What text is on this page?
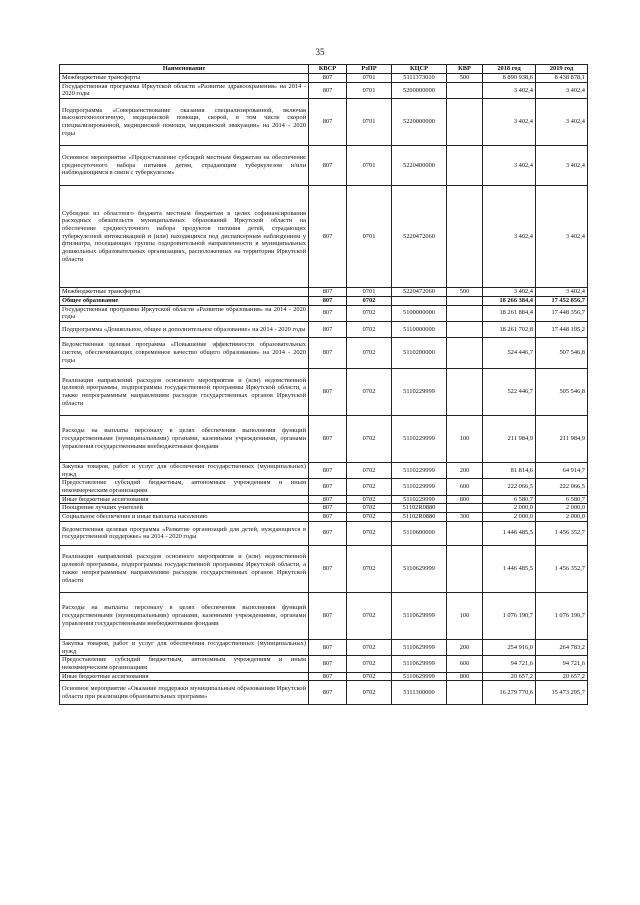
35
Наименование	КВСР	РзПР	КЦСР	КВР	2018 год	2019 год
Межбюджетные трансферты	807	0701	5111373010	500	8 890 938,6	8 438 878,1
Государственная программа Иркутской области «Развитие здравоохранения» на 2014 - 2020 годы	807	0701	5200000000		3 402,4	3 402,4
Подпрограмма «Совершенствование оказания специализированной, включая высокотехнологичную, медицинской помощи, скорой, в том числе скорой специализированной, медицинской помощи, медицинской эвакуации» на 2014 - 2020 годы	807	0701	5220000000		3 402,4	3 402,4
Основное мероприятие «Предоставление субсидий местным бюджетам на обеспечение среднесуточного набора питания детям, страдающим туберкулезом и/или наблюдающимся в связи с туберкулезом»	807	0701	5220400000		3 402,4	3 402,4
Субсидии из областного бюджета местным бюджетам в целях софинансирования расходных обязательств муниципальных образований Иркутской области на обеспечение среднесуточного набора продуктов питания детей, страдающих туберкулезной интоксикацией и (или) находящихся под диспансерным наблюдением у фтизиатра, посещающих группы оздоровительной направленности в муниципальных дошкольных образовательных организациях, расположенных на территории Иркутской области	807	0701	5220472060		3 402,4	3 402,4
Межбюджетные трансферты	807	0701	5220472060	500	3 402,4	3 402,4
Общее образование	807	0702			18 266 384,4	17 452 856,7
Государственная программа Иркутской области «Развитие образования» на 2014 - 2020 годы	807	0702	5100000000		18 261 884,4	17 448 356,7
Подпрограмма «Дошкольное, общее и дополнительное образование» на 2014 - 2020 годы	807	0702	5110000000		18 261 702,8	17 448 195,2
Ведомственная целевая программа «Повышение эффективности образовательных систем, обеспечивающих современное качество общего образования» на 2014 - 2020 годы	807	0702	5110200000		524 446,7	507 546,8
Реализация направлений расходов основного мероприятия и (или) ведомственной целевой программы, подпрограммы государственной программы Иркутской области, а также непрограммным направлениям расходов государственных органов Иркутской области	807	0702	5110229999		522 446,7	505 546,8
Расходы на выплаты персоналу в целях обеспечения выполнения функций государственными (муниципальными) органами, казенными учреждениями, органами управления государственными внебюджетными фондами	807	0702	5110229999	100	211 984,9	211 984,9
Закупка товаров, работ и услуг для обеспечения государственных (муниципальных) нужд	807	0702	5110229999	200	81 814,6	64 914,7
Предоставление субсидий бюджетным, автономным учреждениям и иным некоммерческим организациям	807	0702	5110229999	600	222 066,5	222 066,5
Иные бюджетные ассигнования	807	0702	5110229999	800	6 580,7	6 580,7
Поощрение лучших учителей	807	0702	51102R0880		2 000,0	2 000,0
Социальное обеспечение и иные выплаты населению	807	0702	51102R0880	300	2 000,0	2 000,0
Ведомственная целевая программа «Развитие организаций для детей, нуждающихся в государственной поддержке» на 2014 - 2020 годы	807	0702	5110600000		1 446 485,5	1 456 352,7
Реализация направлений расходов основного мероприятия и (или) ведомственной целевой программы, подпрограммы государственной программы Иркутской области, а также непрограммным направлениям расходов государственных органов Иркутской области	807	0702	5110629999		1 446 485,5	1 456 352,7
Расходы на выплаты персоналу в целях обеспечения выполнения функций государственными (муниципальными) органами, казенными учреждениями, органами управления государственными внебюджетными фондами	807	0702	5110629999	100	1 076 190,7	1 076 190,7
Закупка товаров, работ и услуг для обеспечения государственных (муниципальных) нужд	807	0702	5110629999	200	254 916,0	264 783,2
Предоставление субсидий бюджетным, автономным учреждениям и иным некоммерческим организациям	807	0702	5110629999	600	94 721,6	94 721,6
Иные бюджетные ассигнования	807	0702	5110629999	800	20 657,2	20 657,2
Основное мероприятие «Оказание поддержки муниципальным образованиям Иркутской области при реализации образовательных программ»	807	0702	5111300000		16 279 770,6	15 473 295,7
